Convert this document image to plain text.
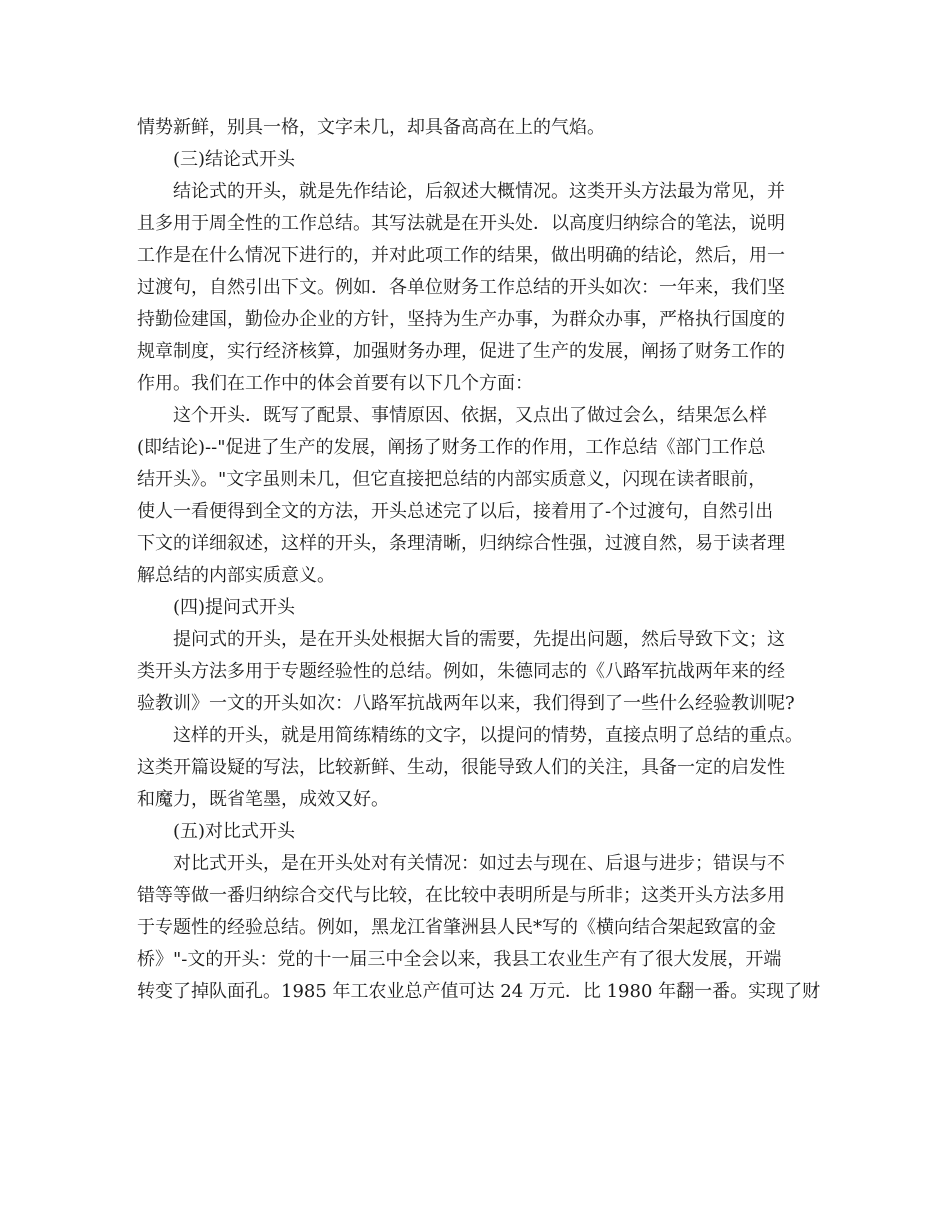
情势新鲜，别具一格，文字未几，却具备高高在上的气焰。
(三)结论式开头
结论式的开头，就是先作结论，后叙述大概情况。这类开头方法最为常见，并
且多用于周全性的工作总结。其写法就是在开头处．以高度归纳综合的笔法，说明
工作是在什么情况下进行的，并对此项工作的结果，做出明确的结论，然后，用一
过渡句，自然引出下文。例如．各单位财务工作总结的开头如次：一年来，我们坚
持勤俭建国，勤俭办企业的方针，坚持为生产办事，为群众办事，严格执行国度的
规章制度，实行经济核算，加强财务办理，促进了生产的发展，阐扬了财务工作的
作用。我们在工作中的体会首要有以下几个方面：
这个开头．既写了配景、事情原因、依据，又点出了做过会么，结果怎么样
(即结论)--"促进了生产的发展，阐扬了财务工作的作用，工作总结《部门工作总
结开头》。"文字虽则未几，但它直接把总结的内部实质意义，闪现在读者眼前，
使人一看便得到全文的方法，开头总述完了以后，接着用了-个过渡句，自然引出
下文的详细叙述，这样的开头，条理清晰，归纳综合性强，过渡自然，易于读者理
解总结的内部实质意义。
(四)提问式开头
提问式的开头，是在开头处根据大旨的需要，先提出问题，然后导致下文；这
类开头方法多用于专题经验性的总结。例如，朱德同志的《八路军抗战两年来的经
验教训》一文的开头如次：八路军抗战两年以来，我们得到了一些什么经验教训呢?
这样的开头，就是用简练精练的文字，以提问的情势，直接点明了总结的重点。
这类开篇设疑的写法，比较新鲜、生动，很能导致人们的关注，具备一定的启发性
和魔力，既省笔墨，成效又好。
(五)对比式开头
对比式开头，是在开头处对有关情况：如过去与现在、后退与进步；错误与不
错等等做一番归纳综合交代与比较，在比较中表明所是与所非；这类开头方法多用
于专题性的经验总结。例如，黑龙江省肇洲县人民*写的《横向结合架起致富的金
桥》"-文的开头：党的十一届三中全会以来，我县工农业生产有了很大发展，开端
转变了掉队面孔。1985 年工农业总产值可达 24 万元．比 1980 年翻一番。实现了财
